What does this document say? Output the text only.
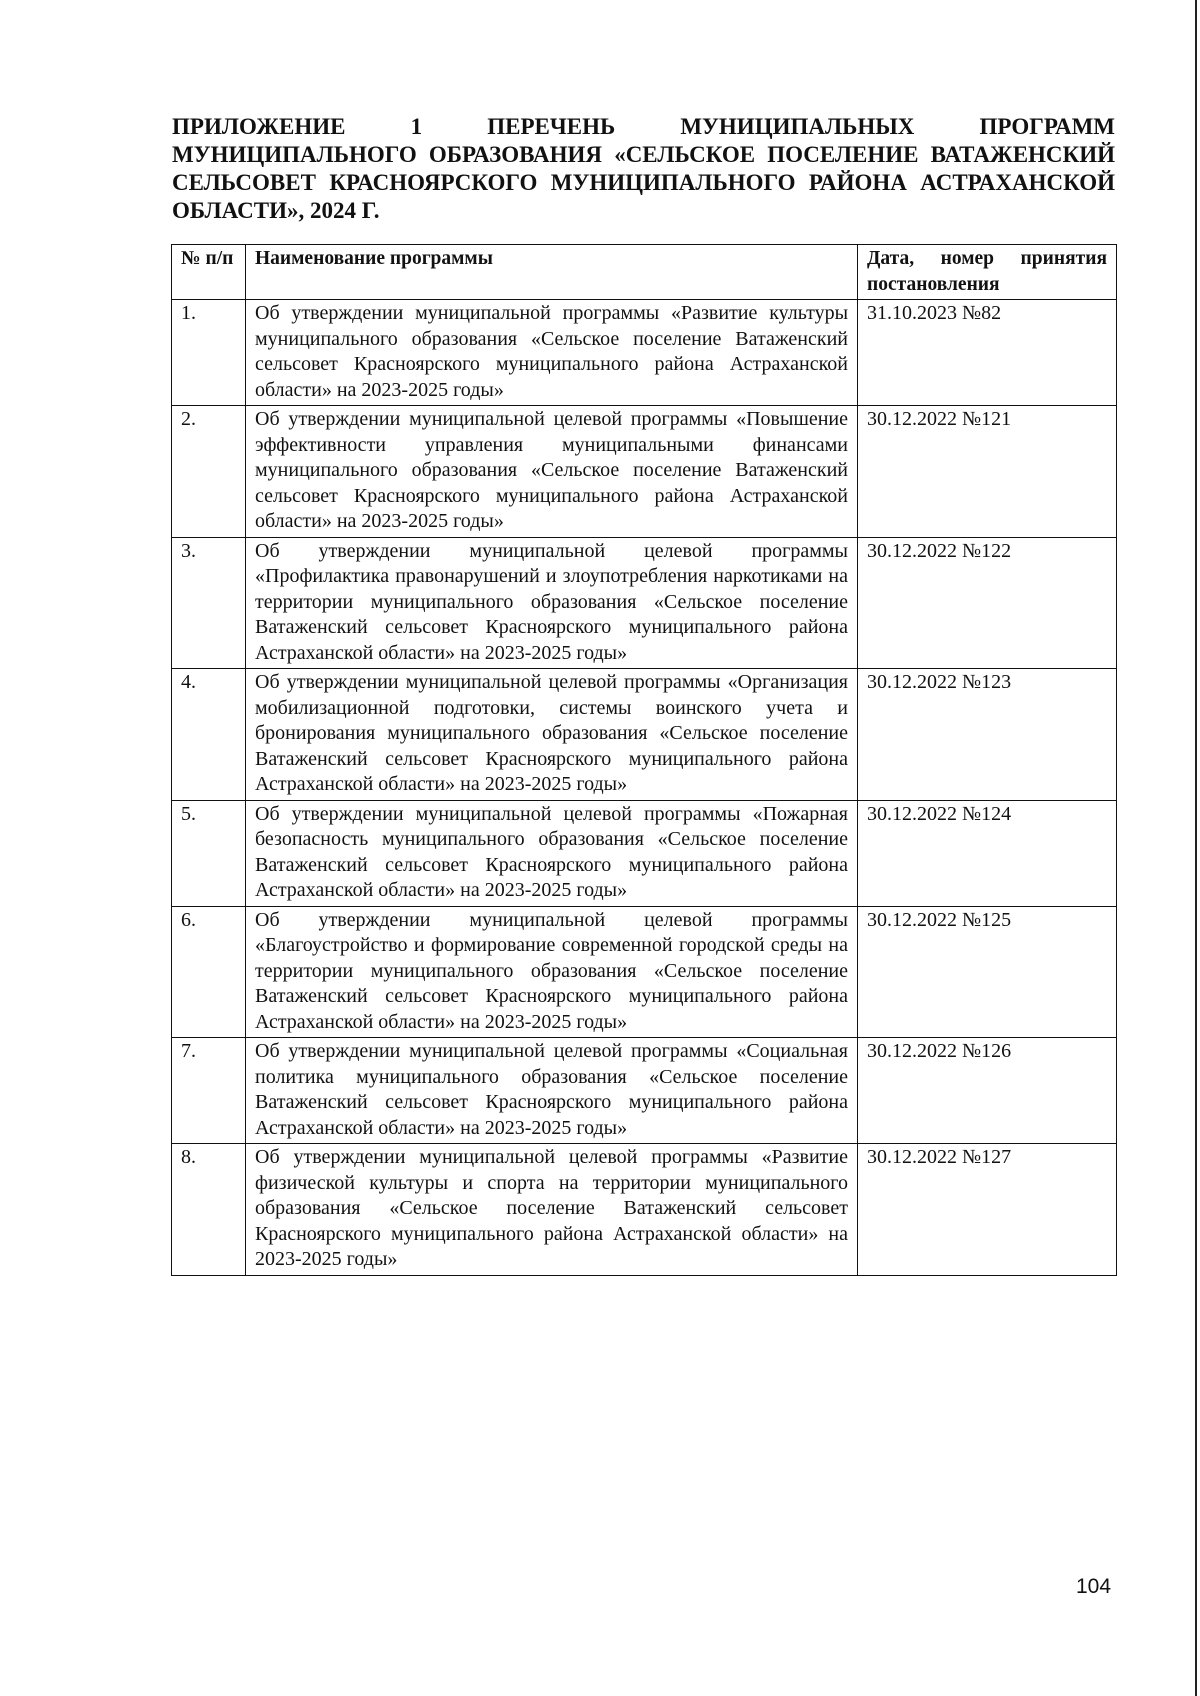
ПРИЛОЖЕНИЕ 1 ПЕРЕЧЕНЬ МУНИЦИПАЛЬНЫХ ПРОГРАММ МУНИЦИПАЛЬНОГО ОБРАЗОВАНИЯ «СЕЛЬСКОЕ ПОСЕЛЕНИЕ ВАТАЖЕНСКИЙ СЕЛЬСОВЕТ КРАСНОЯРСКОГО МУНИЦИПАЛЬНОГО РАЙОНА АСТРАХАНСКОЙ ОБЛАСТИ», 2024 Г.

№ п/п	Наименование программы	Дата, номер принятия постановления
1.	Об утверждении муниципальной программы «Развитие культуры муниципального образования «Сельское поселение Ватаженский сельсовет Красноярского муниципального района Астраханской области» на 2023-2025 годы»	31.10.2023 №82
2.	Об утверждении муниципальной целевой программы «Повышение эффективности управления муниципальными финансами муниципального образования «Сельское поселение Ватаженский сельсовет Красноярского муниципального района Астраханской области» на 2023-2025 годы»	30.12.2022 №121
3.	Об утверждении муниципальной целевой программы «Профилактика правонарушений и злоупотребления наркотиками на территории муниципального образования «Сельское поселение Ватаженский сельсовет Красноярского муниципального района Астраханской области» на 2023-2025 годы»	30.12.2022 №122
4.	Об утверждении муниципальной целевой программы «Организация мобилизационной подготовки, системы воинского учета и бронирования муниципального образования «Сельское поселение Ватаженский сельсовет Красноярского муниципального района Астраханской области» на 2023-2025 годы»	30.12.2022 №123
5.	Об утверждении муниципальной целевой программы «Пожарная безопасность муниципального образования «Сельское поселение Ватаженский сельсовет Красноярского муниципального района Астраханской области» на 2023-2025 годы»	30.12.2022 №124
6.	Об утверждении муниципальной целевой программы «Благоустройство и формирование современной городской среды на территории муниципального образования «Сельское поселение Ватаженский сельсовет Красноярского муниципального района Астраханской области» на 2023-2025 годы»	30.12.2022 №125
7.	Об утверждении муниципальной целевой программы «Социальная политика муниципального образования «Сельское поселение Ватаженский сельсовет Красноярского муниципального района Астраханской области» на 2023-2025 годы»	30.12.2022 №126
8.	Об утверждении муниципальной целевой программы «Развитие физической культуры и спорта на территории муниципального образования «Сельское поселение Ватаженский сельсовет Красноярского муниципального района Астраханской области» на 2023-2025 годы»	30.12.2022 №127

104
